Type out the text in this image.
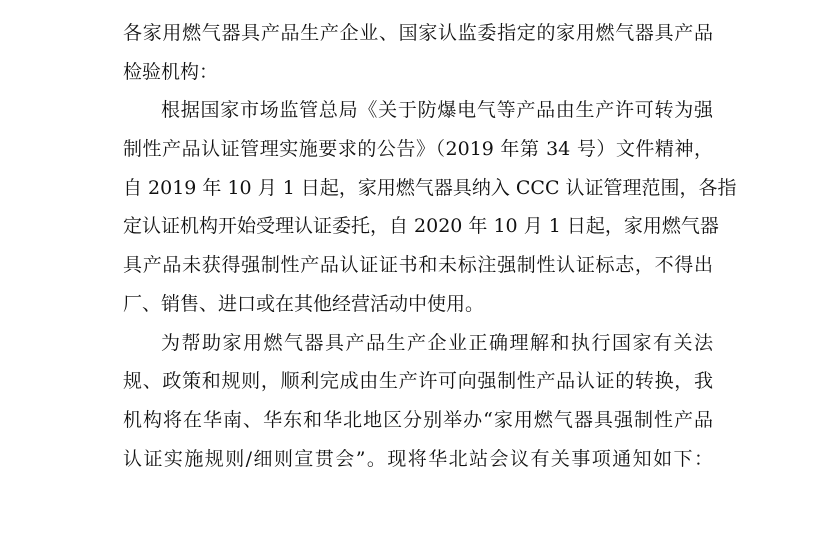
各家用燃气器具产品生产企业、国家认监委指定的家用燃气器具产品
检验机构：
根据国家市场监管总局《关于防爆电气等产品由生产许可转为强
制性产品认证管理实施要求的公告》（2019 年第 34 号）文件精神，
自 2019 年 10 月 1 日起，家用燃气器具纳入 CCC 认证管理范围，各指
定认证机构开始受理认证委托，自 2020 年 10 月 1 日起，家用燃气器
具产品未获得强制性产品认证证书和未标注强制性认证标志，不得出
厂、销售、进口或在其他经营活动中使用。
为帮助家用燃气器具产品生产企业正确理解和执行国家有关法
规、政策和规则，顺利完成由生产许可向强制性产品认证的转换，我
机构将在华南、华东和华北地区分别举办“家用燃气器具强制性产品
认证实施规则/细则宣贯会”。现将华北站会议有关事项通知如下：
